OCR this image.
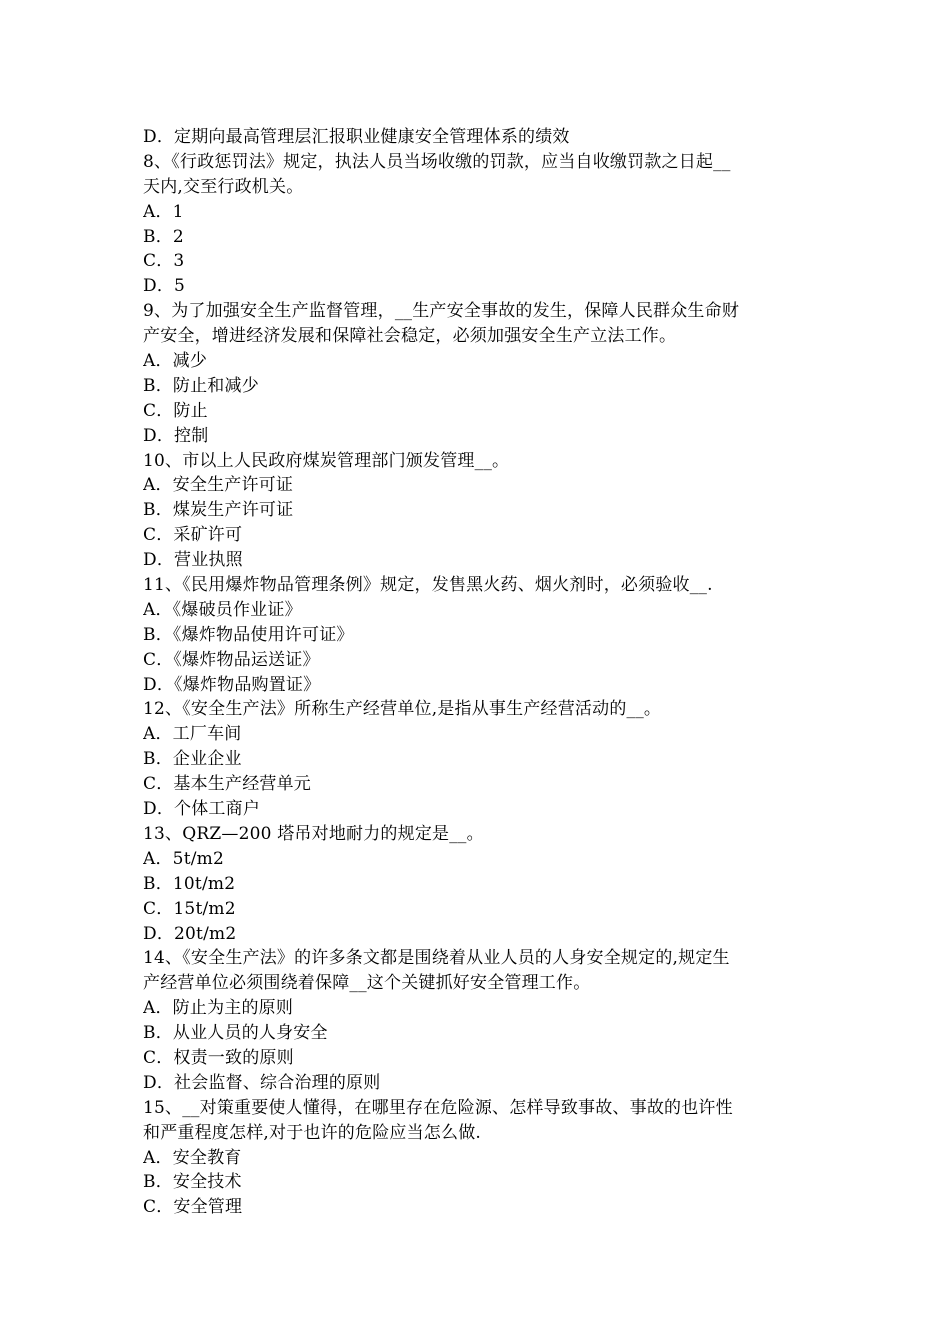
D．定期向最高管理层汇报职业健康安全管理体系的绩效
8、《行政惩罚法》规定，执法人员当场收缴的罚款，应当自收缴罚款之日起__
天内,交至行政机关。
A．1
B．2
C．3
D．5
9、为了加强安全生产监督管理，__生产安全事故的发生，保障人民群众生命财
产安全，增进经济发展和保障社会稳定，必须加强安全生产立法工作。
A．减少
B．防止和减少
C．防止
D．控制
10、市以上人民政府煤炭管理部门颁发管理__。
A．安全生产许可证
B．煤炭生产许可证
C．采矿许可
D．营业执照
11、《民用爆炸物品管理条例》规定，发售黑火药、烟火剂时，必须验收__.
A．《爆破员作业证》
B．《爆炸物品使用许可证》
C．《爆炸物品运送证》
D．《爆炸物品购置证》
12、《安全生产法》所称生产经营单位,是指从事生产经营活动的__。
A．工厂车间
B．企业企业
C．基本生产经营单元
D．个体工商户
13、QRZ—200 塔吊对地耐力的规定是__。
A．5t/m2
B．10t/m2
C．15t/m2
D．20t/m2
14、《安全生产法》的许多条文都是围绕着从业人员的人身安全规定的,规定生
产经营单位必须围绕着保障__这个关键抓好安全管理工作。
A．防止为主的原则
B．从业人员的人身安全
C．权责一致的原则
D．社会监督、综合治理的原则
15、__对策重要使人懂得，在哪里存在危险源、怎样导致事故、事故的也许性
和严重程度怎样,对于也许的危险应当怎么做.
A．安全教育
B．安全技术
C．安全管理
